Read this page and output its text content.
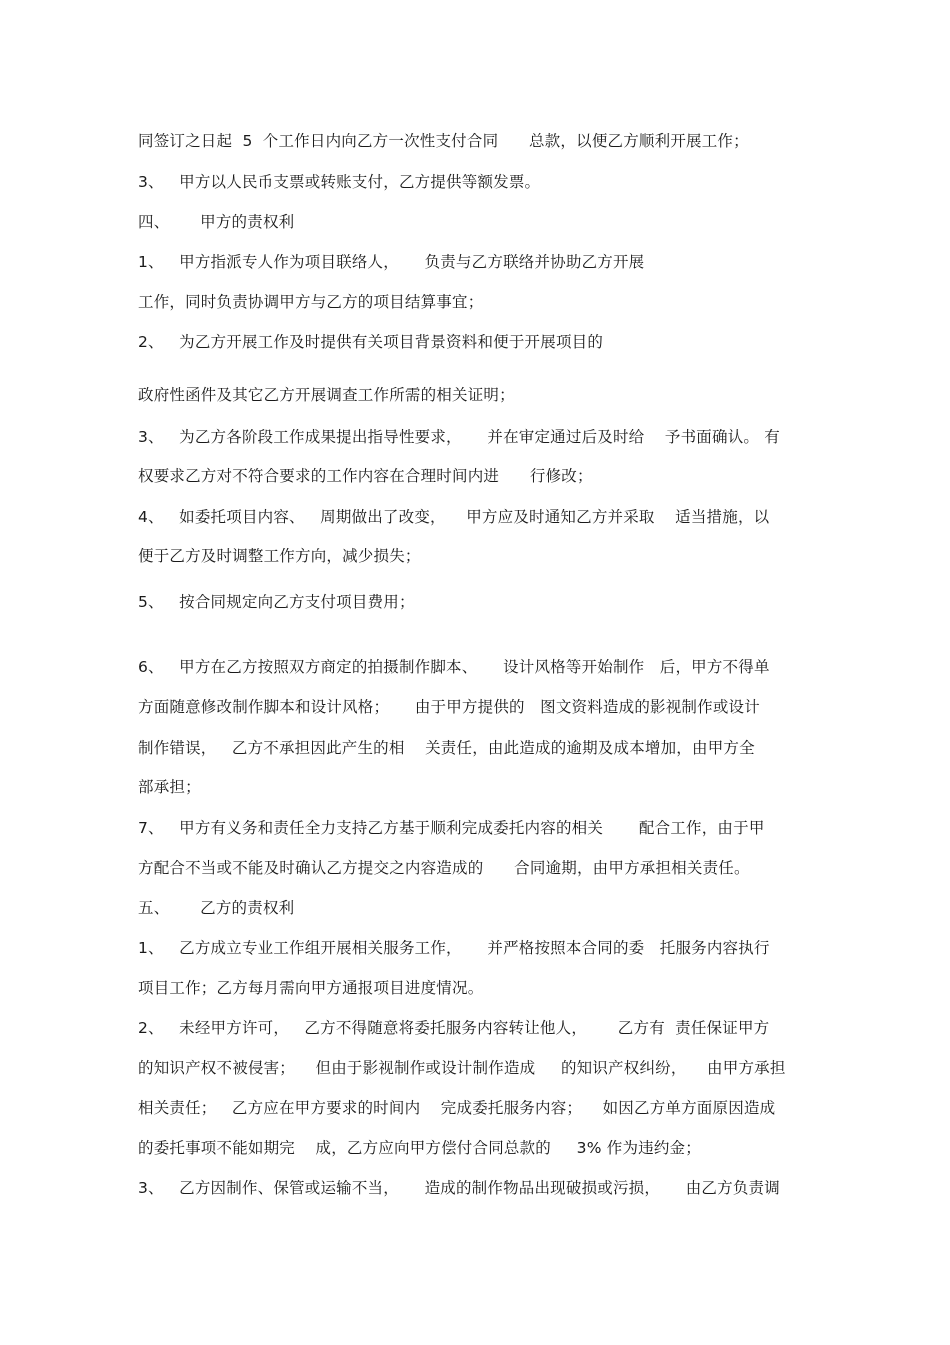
同签订之日起  5  个工作日内向乙方一次性支付合同      总款，以便乙方顺利开展工作；
3、   甲方以人民币支票或转账支付，乙方提供等额发票。
四、      甲方的责权利
1、   甲方指派专人作为项目联络人，     负责与乙方联络并协助乙方开展
工作，同时负责协调甲方与乙方的项目结算事宜；
2、   为乙方开展工作及时提供有关项目背景资料和便于开展项目的
政府性函件及其它乙方开展调查工作所需的相关证明；
3、   为乙方各阶段工作成果提出指导性要求，     并在审定通过后及时给    予书面确认。 有
权要求乙方对不符合要求的工作内容在合理时间内进      行修改；
4、   如委托项目内容、   周期做出了改变，    甲方应及时通知乙方并采取    适当措施，以
便于乙方及时调整工作方向，减少损失；
5、   按合同规定向乙方支付项目费用；
6、   甲方在乙方按照双方商定的拍摄制作脚本、     设计风格等开始制作   后，甲方不得单
方面随意修改制作脚本和设计风格；     由于甲方提供的   图文资料造成的影视制作或设计
制作错误，   乙方不承担因此产生的相    关责任，由此造成的逾期及成本增加，由甲方全
部承担；
7、   甲方有义务和责任全力支持乙方基于顺利完成委托内容的相关       配合工作，由于甲
方配合不当或不能及时确认乙方提交之内容造成的      合同逾期，由甲方承担相关责任。
五、      乙方的责权利
1、   乙方成立专业工作组开展相关服务工作，     并严格按照本合同的委   托服务内容执行
项目工作；乙方每月需向甲方通报项目进度情况。
2、   未经甲方许可，   乙方不得随意将委托服务内容转让他人，      乙方有  责任保证甲方
的知识产权不被侵害；    但由于影视制作或设计制作造成     的知识产权纠纷，    由甲方承担
相关责任；   乙方应在甲方要求的时间内    完成委托服务内容；    如因乙方单方面原因造成
的委托事项不能如期完    成，乙方应向甲方偿付合同总款的     3% 作为违约金；
3、   乙方因制作、保管或运输不当，     造成的制作物品出现破损或污损，     由乙方负责调
